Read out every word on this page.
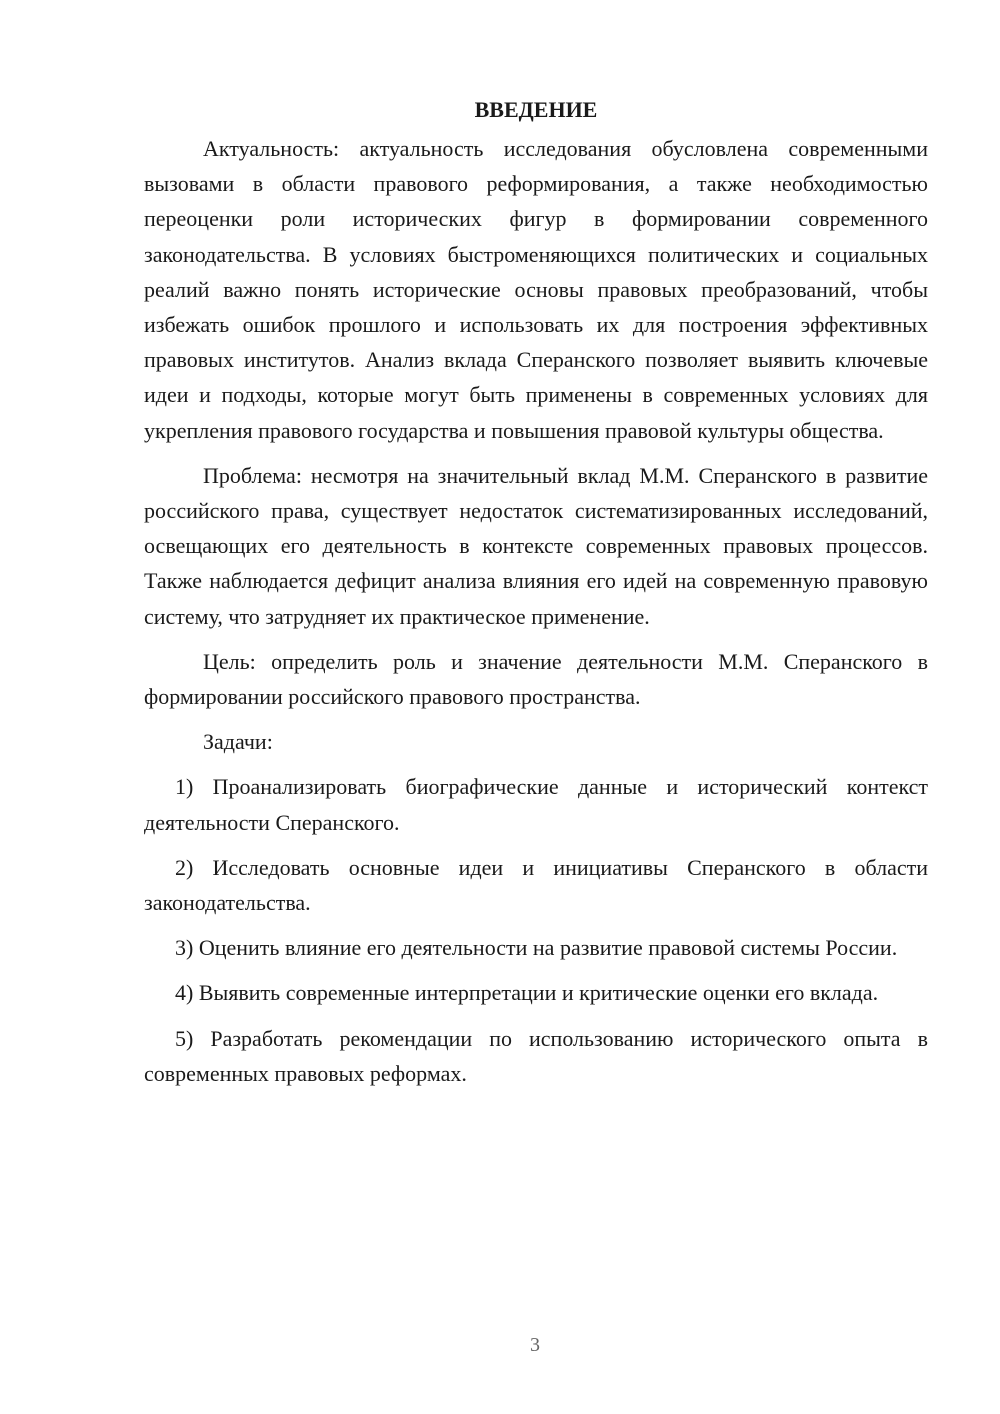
ВВЕДЕНИЕ

Актуальность: актуальность исследования обусловлена современными вызовами в области правового реформирования, а также необходимостью переоценки роли исторических фигур в формировании современного законодательства. В условиях быстроменяющихся политических и социальных реалий важно понять исторические основы правовых преобразований, чтобы избежать ошибок прошлого и использовать их для построения эффективных правовых институтов. Анализ вклада Сперанского позволяет выявить ключевые идеи и подходы, которые могут быть применены в современных условиях для укрепления правового государства и повышения правовой культуры общества.

Проблема: несмотря на значительный вклад М.М. Сперанского в развитие российского права, существует недостаток систематизированных исследований, освещающих его деятельность в контексте современных правовых процессов. Также наблюдается дефицит анализа влияния его идей на современную правовую систему, что затрудняет их практическое применение.

Цель: определить роль и значение деятельности М.М. Сперанского в формировании российского правового пространства.

Задачи:

1) Проанализировать биографические данные и исторический контекст деятельности Сперанского.

2) Исследовать основные идеи и инициативы Сперанского в области законодательства.

3) Оценить влияние его деятельности на развитие правовой системы России.

4) Выявить современные интерпретации и критические оценки его вклада.

5) Разработать рекомендации по использованию исторического опыта в современных правовых реформах.

3
